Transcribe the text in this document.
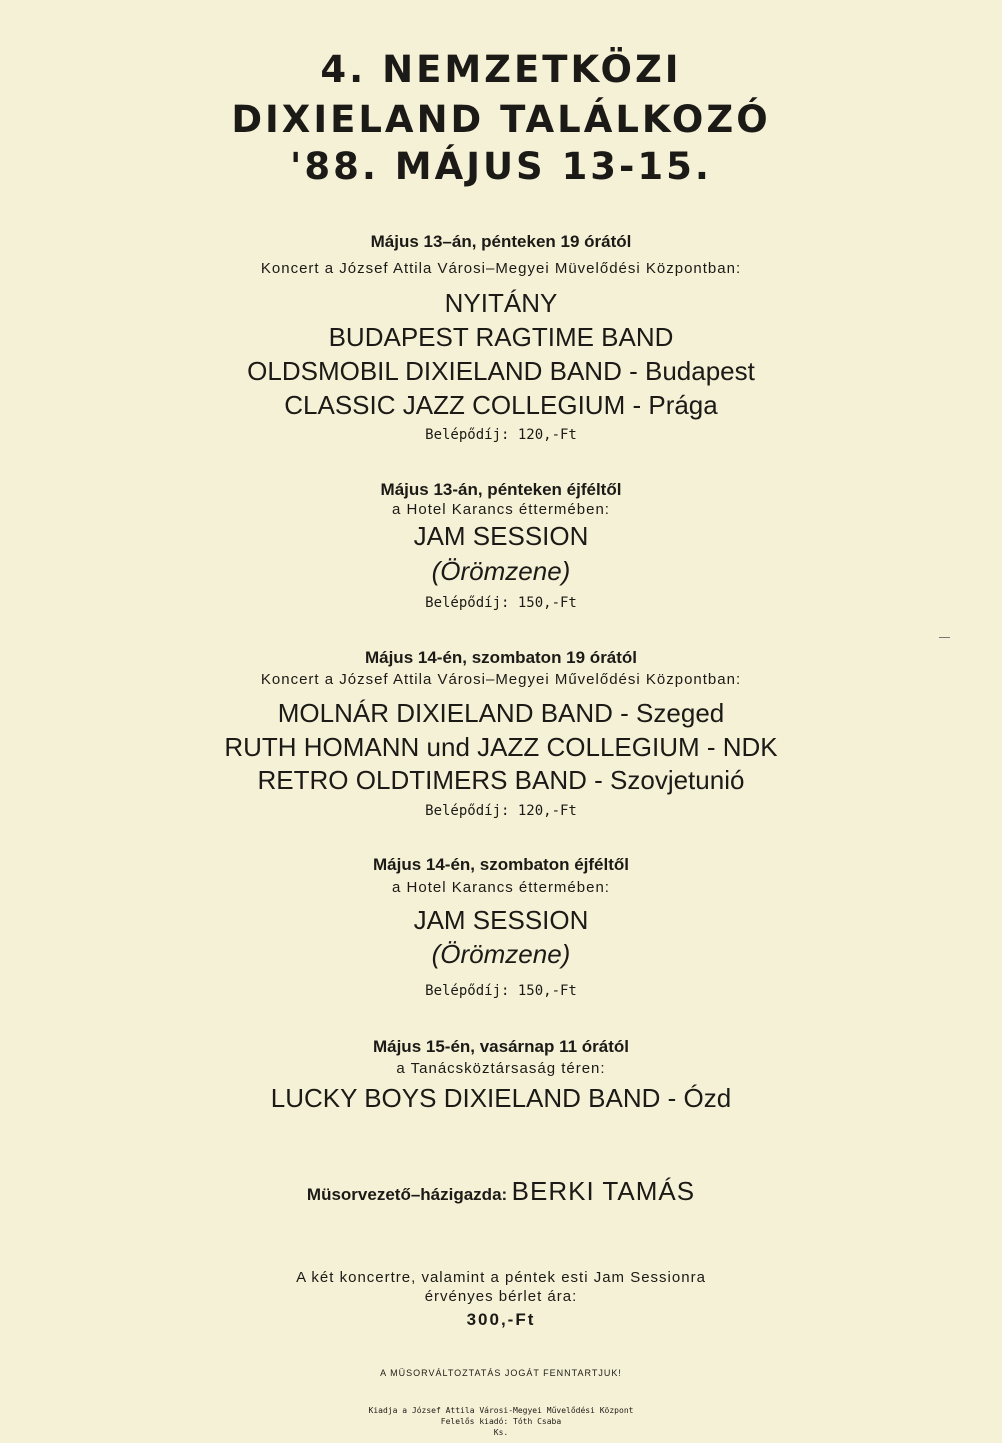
4. NEMZETKÖZI
DIXIELAND TALÁLKOZÓ
'88. MÁJUS 13-15.
Május 13–án, pénteken 19 órától
Koncert a József Attila Városi–Megyei Müvelődési Központban:
NYITÁNY
BUDAPEST RAGTIME BAND
OLDSMOBIL DIXIELAND BAND - Budapest
CLASSIC JAZZ COLLEGIUM - Prága
Belépődíj: 120,-Ft
Május 13-án, pénteken éjféltől
a Hotel Karancs éttermében:
JAM SESSION
(Örömzene)
Belépődíj: 150,-Ft
Május 14-én, szombaton 19 órától
Koncert a József Attila Városi–Megyei Művelődési Központban:
MOLNÁR DIXIELAND BAND - Szeged
RUTH HOMANN und JAZZ COLLEGIUM - NDK
RETRO OLDTIMERS BAND - Szovjetunió
Belépődíj: 120,-Ft
Május 14-én, szombaton éjféltől
a Hotel Karancs éttermében:
JAM SESSION
(Örömzene)
Belépődíj: 150,-Ft
Május 15-én, vasárnap 11 órától
a Tanácsköztársaság téren:
LUCKY BOYS DIXIELAND BAND - Ózd
Müsorvezető–házigazda: BERKI TAMÁS
A két koncertre, valamint a péntek esti Jam Sessionra
érvényes bérlet ára:
300,-Ft
A MÜSORVÁLTOZTATÁS JOGÁT FENNTARTJUK!
Kiadja a József Attila Városi-Megyei Művelődési Központ
Felelős kiadó: Tóth Csaba
Ks.
